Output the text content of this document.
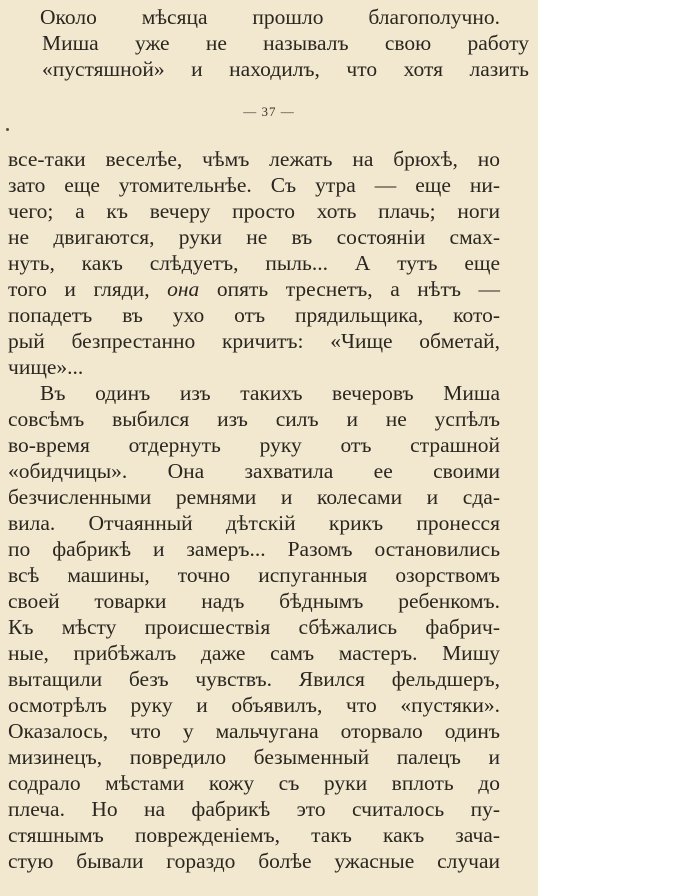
Около мѣсяца прошло благополучно.
Миша уже не называлъ свою работу
«пустяшной» и находилъ, что хотя лазить
— 37 —
все-таки веселѣе, чѣмъ лежать на брюхѣ, но
зато еще утомительнѣе. Съ утра — еще ни-
чего; а къ вечеру просто хоть плачь; ноги
не двигаются, руки не въ состояніи смах-
нуть, какъ слѣдуетъ, пыль... А тутъ еще
того и гляди, она опять треснетъ, а нѣтъ —
попадетъ въ ухо отъ прядильщика, кото-
рый безпрестанно кричитъ: «Чище обметай,
чище»...
Въ одинъ изъ такихъ вечеровъ Миша
совсѣмъ выбился изъ силъ и не успѣлъ
во-время отдернуть руку отъ страшной
«обидчицы». Она захватила ее своими
безчисленными ремнями и колесами и сда-
вила. Отчаянный дѣтскій крикъ пронесся
по фабрикѣ и замеръ... Разомъ остановились
всѣ машины, точно испуганныя озорствомъ
своей товарки надъ бѣднымъ ребенкомъ.
Къ мѣсту происшествія сбѣжались фабрич-
ные, прибѣжалъ даже самъ мастеръ. Мишу
вытащили безъ чувствъ. Явился фельдшеръ,
осмотрѣлъ руку и объявилъ, что «пустяки».
Оказалось, что у мальчугана оторвало одинъ
мизинецъ, повредило безыменный палецъ и
содрало мѣстами кожу съ руки вплоть до
плеча. Но на фабрикѣ это считалось пу-
стяшнымъ поврежденіемъ, такъ какъ зача-
стую бывали гораздо болѣе ужасные случаи
